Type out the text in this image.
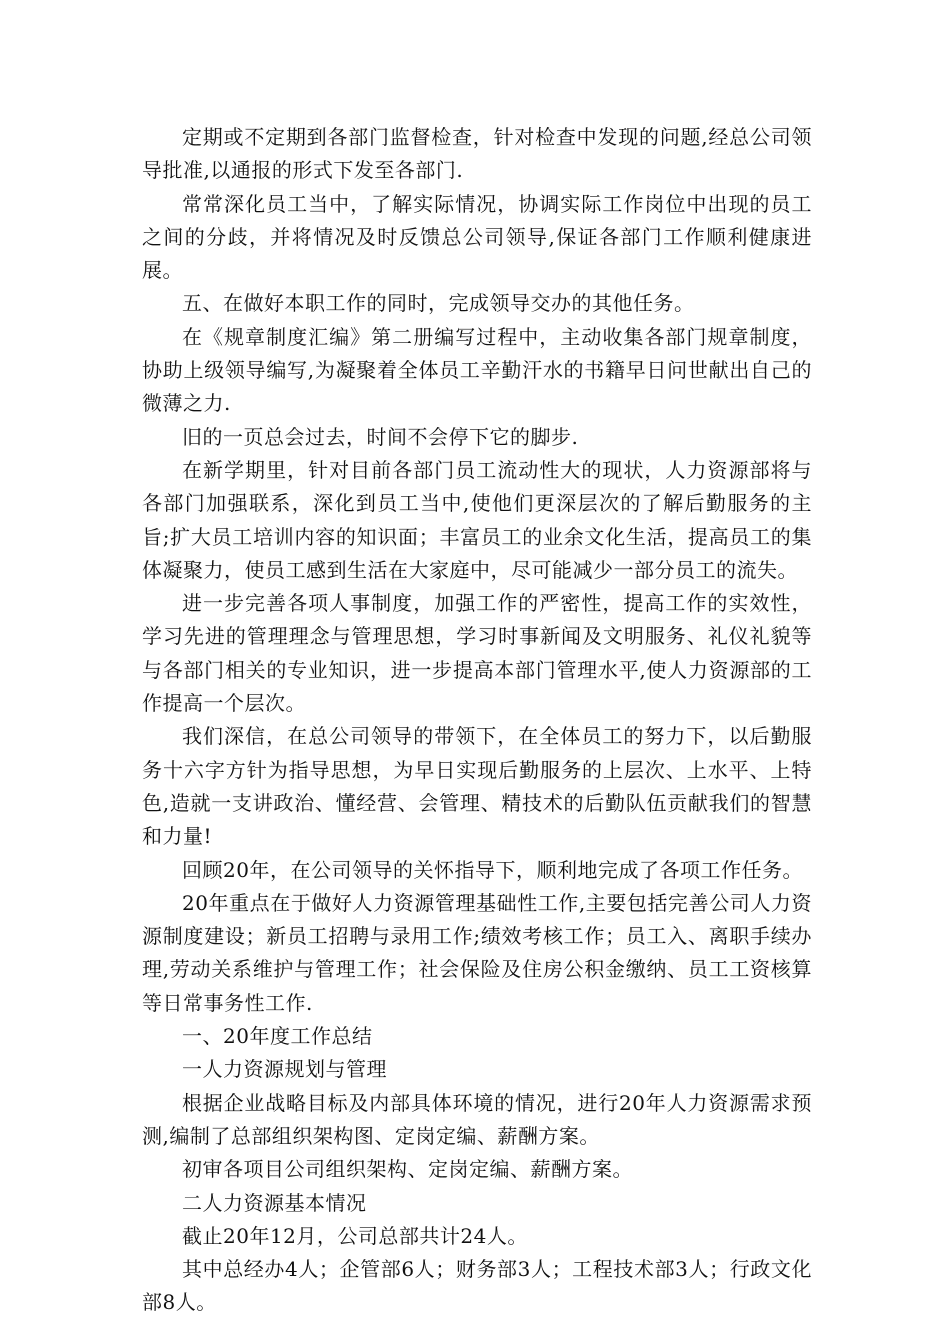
定期或不定期到各部门监督检查，针对检查中发现的问题,经总公司领导批准,以通报的形式下发至各部门.

常常深化员工当中，了解实际情况，协调实际工作岗位中出现的员工之间的分歧，并将情况及时反馈总公司领导,保证各部门工作顺利健康进展。

五、在做好本职工作的同时，完成领导交办的其他任务。

在《规章制度汇编》第二册编写过程中，主动收集各部门规章制度，协助上级领导编写,为凝聚着全体员工辛勤汗水的书籍早日问世献出自己的微薄之力.

旧的一页总会过去，时间不会停下它的脚步.

在新学期里，针对目前各部门员工流动性大的现状，人力资源部将与各部门加强联系，深化到员工当中,使他们更深层次的了解后勤服务的主旨;扩大员工培训内容的知识面；丰富员工的业余文化生活，提高员工的集体凝聚力，使员工感到生活在大家庭中，尽可能减少一部分员工的流失。

进一步完善各项人事制度，加强工作的严密性，提高工作的实效性，学习先进的管理理念与管理思想，学习时事新闻及文明服务、礼仪礼貌等与各部门相关的专业知识，进一步提高本部门管理水平,使人力资源部的工作提高一个层次。

我们深信，在总公司领导的带领下，在全体员工的努力下，以后勤服务十六字方针为指导思想，为早日实现后勤服务的上层次、上水平、上特色,造就一支讲政治、懂经营、会管理、精技术的后勤队伍贡献我们的智慧和力量!

回顾20年，在公司领导的关怀指导下，顺利地完成了各项工作任务。

20年重点在于做好人力资源管理基础性工作,主要包括完善公司人力资源制度建设；新员工招聘与录用工作;绩效考核工作；员工入、离职手续办理,劳动关系维护与管理工作；社会保险及住房公积金缴纳、员工工资核算等日常事务性工作.

一、20年度工作总结

一人力资源规划与管理

根据企业战略目标及内部具体环境的情况，进行20年人力资源需求预测,编制了总部组织架构图、定岗定编、薪酬方案。

初审各项目公司组织架构、定岗定编、薪酬方案。

二人力资源基本情况

截止20年12月，公司总部共计24人。

其中总经办4人；企管部6人；财务部3人；工程技术部3人；行政文化部8人。
